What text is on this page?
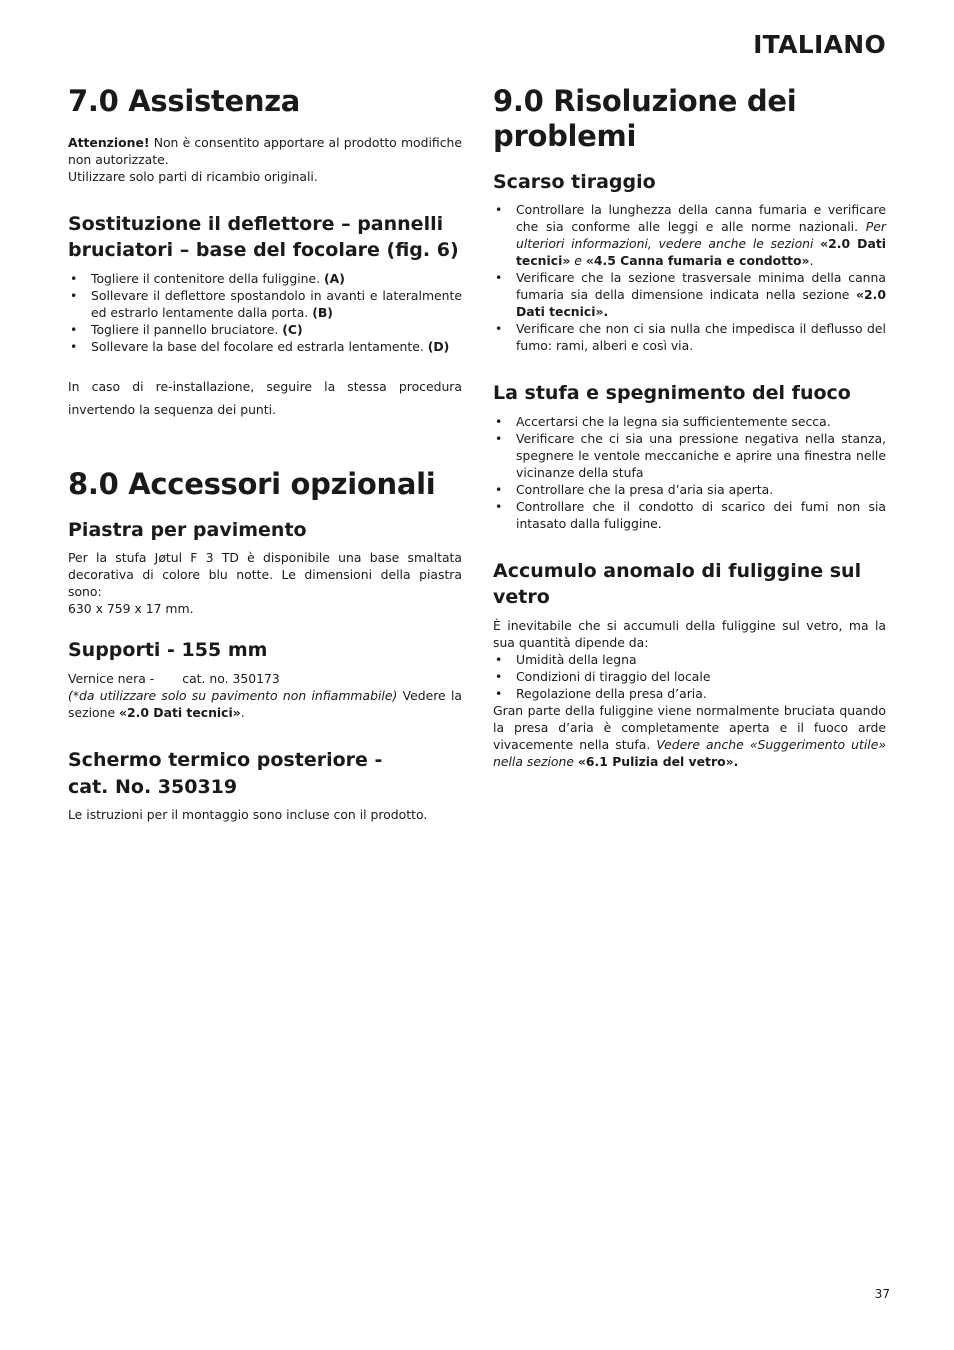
ITALIANO

7.0 Assistenza

Attenzione! Non è consentito apportare al prodotto modifiche non autorizzate.
Utilizzare solo parti di ricambio originali.

Sostituzione il deflettore – pannelli bruciatori – base del focolare (fig. 6)
• Togliere il contenitore della fuliggine. (A)
• Sollevare il deflettore spostandolo in avanti e lateralmente ed estrarlo lentamente dalla porta. (B)
• Togliere il pannello bruciatore. (C)
• Sollevare la base del focolare ed estrarla lentamente. (D)

In caso di re-installazione, seguire la stessa procedura invertendo la sequenza dei punti.

8.0 Accessori opzionali
Piastra per pavimento

Per la stufa Jøtul F 3 TD è disponibile una base smaltata decorativa di colore blu notte. Le dimensioni della piastra sono:
630 x 759 x 17 mm.

Supporti - 155 mm

Vernice nera - cat. no. 350173
(*da utilizzare solo su pavimento non infiammabile) Vedere la sezione «2.0 Dati tecnici».

Schermo termico posteriore -
cat. No. 350319

Le istruzioni per il montaggio sono incluse con il prodotto.

9.0 Risoluzione dei problemi
Scarso tiraggio
• Controllare la lunghezza della canna fumaria e verificare che sia conforme alle leggi e alle norme nazionali. Per ulteriori informazioni, vedere anche le sezioni «2.0 Dati tecnici» e «4.5 Canna fumaria e condotto».
• Verificare che la sezione trasversale minima della canna fumaria sia della dimensione indicata nella sezione «2.0 Dati tecnici».
• Verificare che non ci sia nulla che impedisca il deflusso del fumo: rami, alberi e così via.
La stufa e spegnimento del fuoco
• Accertarsi che la legna sia sufficientemente secca.
• Verificare che ci sia una pressione negativa nella stanza, spegnere le ventole meccaniche e aprire una finestra nelle vicinanze della stufa
• Controllare che la presa d’aria sia aperta.
• Controllare che il condotto di scarico dei fumi non sia intasato dalla fuliggine.
Accumulo anomalo di fuliggine sul vetro

È inevitabile che si accumuli della fuliggine sul vetro, ma la sua quantità dipende da:

• Umidità della legna
• Condizioni di tiraggio del locale
• Regolazione della presa d’aria.

Gran parte della fuliggine viene normalmente bruciata quando la presa d’aria è completamente aperta e il fuoco arde vivacemente nella stufa. Vedere anche «Suggerimento utile» nella sezione «6.1 Pulizia del vetro».

37
